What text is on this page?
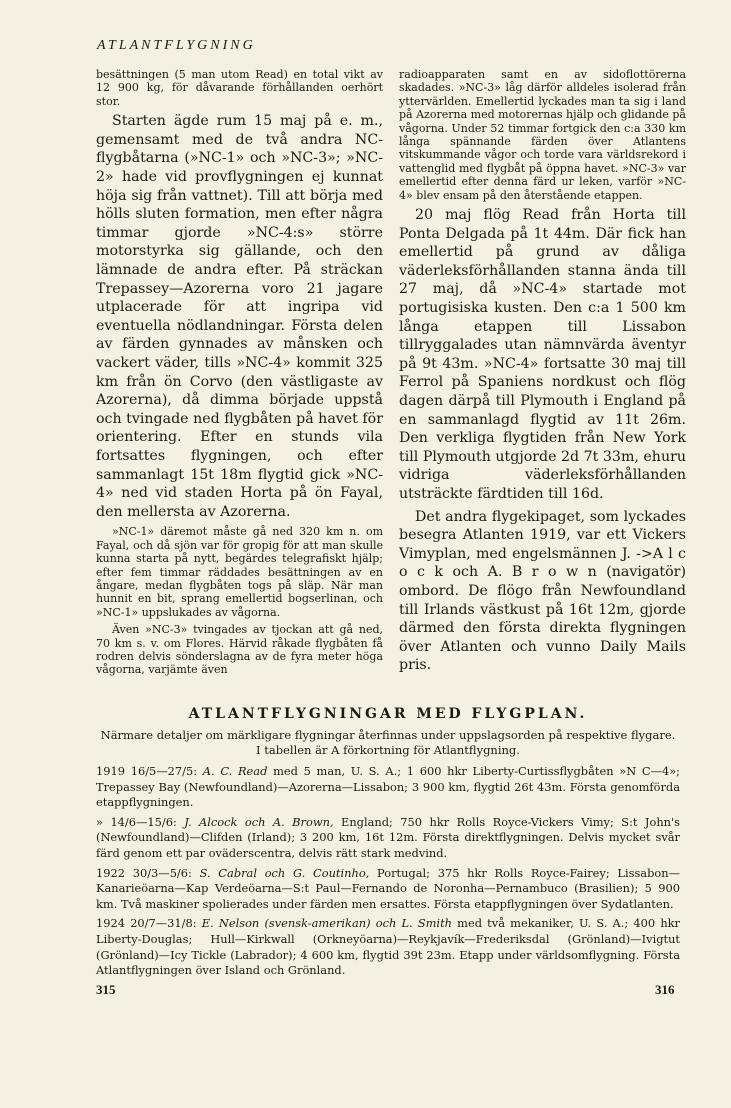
ATLANTFLYGNING

besättningen (5 man utom Read) en total vikt av 12 900 kg, för dåvarande förhållanden oerhört stor.

Starten ägde rum 15 maj på e. m., gemensamt med de två andra NC-flygbåtarna (»NC-1» och »NC-3»; »NC-2» hade vid provflygningen ej kunnat höja sig från vattnet). Till att börja med hölls sluten formation, men efter några timmar gjorde »NC-4:s» större motorstyrka sig gällande, och den lämnade de andra efter. På sträckan Trepassey—Azorerna voro 21 jagare utplacerade för att ingripa vid eventuella nödlandningar. Första delen av färden gynnades av månsken och vackert väder, tills »NC-4» kommit 325 km från ön Corvo (den västligaste av Azorerna), då dimma började uppstå och tvingade ned flygbåten på havet för orientering. Efter en stunds vila fortsattes flygningen, och efter sammanlagt 15t 18m flygtid gick »NC-4» ned vid staden Horta på ön Fayal, den mellersta av Azorerna.

»NC-1» däremot måste gå ned 320 km n. om Fayal, och då sjön var för gropig för att man skulle kunna starta på nytt, begärdes telegrafiskt hjälp; efter fem timmar räddades besättningen av en ångare, medan flygbåten togs på släp. När man hunnit en bit, sprang emellertid bogserlinan, och »NC-1» uppslukades av vågorna.

Även »NC-3» tvingades av tjockan att gå ned, 70 km s. v. om Flores. Härvid råkade flygbåten få rodren delvis sönderslagna av de fyra meter höga vågorna, varjämte även

radioapparaten samt en av sidoflottörerna skadades. »NC-3» låg därför alldeles isolerad från yttervärlden. Emellertid lyckades man ta sig i land på Azorerna med motorernas hjälp och glidande på vågorna. Under 52 timmar fortgick den c:a 330 km långa spännande färden över Atlantens vitskummande vågor och torde vara världsrekord i vattenglid med flygbåt på öppna havet. »NC-3» var emellertid efter denna färd ur leken, varför »NC-4» blev ensam på den återstående etappen.

20 maj flög Read från Horta till Ponta Delgada på 1t 44m. Där fick han emellertid på grund av dåliga väderleksförhållanden stanna ända till 27 maj, då »NC-4» startade mot portugisiska kusten. Den c:a 1 500 km långa etappen till Lissabon tillryggalades utan nämnvärda äventyr på 9t 43m. »NC-4» fortsatte 30 maj till Ferrol på Spaniens nordkust och flög dagen därpå till Plymouth i England på en sammanlagd flygtid av 11t 26m. Den verkliga flygtiden från New York till Plymouth utgjorde 2d 7t 33m, ehuru vidriga väderleksförhållanden utsträckte färdtiden till 16d.

Det andra flygekipaget, som lyckades besegra Atlanten 1919, var ett Vickers Vimyplan, med engelsmännen J. ->A l c o c k och A. B r o w n (navigatör) ombord. De flögo från Newfoundland till Irlands västkust på 16t 12m, gjorde därmed den första direkta flygningen över Atlanten och vunno Daily Mails pris.

ATLANTFLYGNINGAR MED FLYGPLAN.
Närmare detaljer om märkligare flygningar återfinnas under uppslagsorden på respektive flygare.
I tabellen är A förkortning för Atlantflygning.
1919 16/5—27/5: A. C. Read med 5 man, U. S. A.; 1 600 hkr Liberty-Curtissflygbåten »N C—4»; Trepassey Bay (Newfoundland)—Azorerna—Lissabon; 3 900 km, flygtid 26t 43m. Första genomförda etappflygningen.
» 14/6—15/6: J. Alcock och A. Brown, England; 750 hkr Rolls Royce-Vickers Vimy; S:t John's (Newfoundland)—Clifden (Irland); 3 200 km, 16t 12m. Första direktflygningen. Delvis mycket svår färd genom ett par oväderscentra, delvis rätt stark medvind.
1922 30/3—5/6: S. Cabral och G. Coutinho, Portugal; 375 hkr Rolls Royce-Fairey; Lissabon—Kanarieöarna—Kap Verdeöarna—S:t Paul—Fernando de Noronha—Pernambuco (Brasilien); 5 900 km. Två maskiner spolierades under färden men ersattes. Första etappflygningen över Sydatlanten.
1924 20/7—31/8: E. Nelson (svensk-amerikan) och L. Smith med två mekaniker, U. S. A.; 400 hkr Liberty-Douglas; Hull—Kirkwall (Orkneyöarna)—Reykjavík—Frederiksdal (Grönland)—Ivigtut (Grönland)—Icy Tickle (Labrador); 4 600 km, flygtid 39t 23m. Etapp under världsomflygning. Första Atlantflygningen över Island och Grönland.
315	316
